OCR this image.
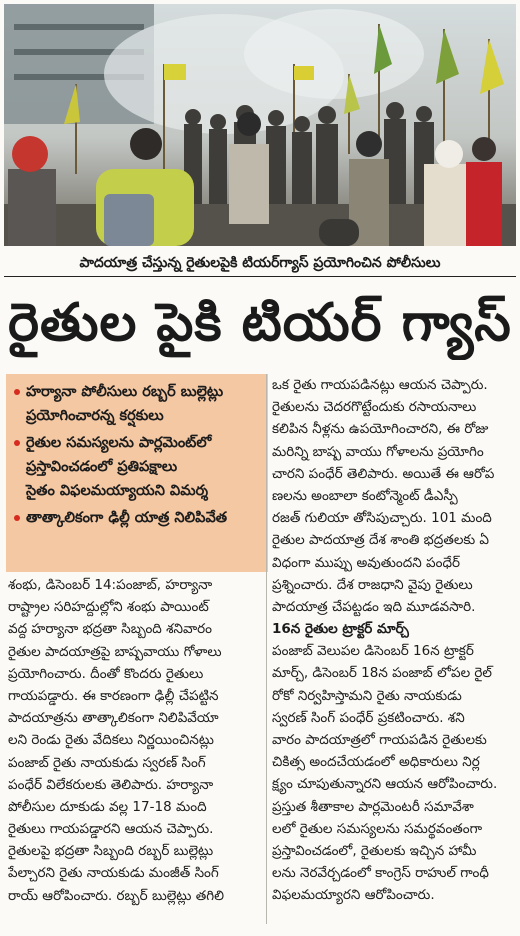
పాదయాత్ర చేస్తున్న రైతులపైకి టియర్‌గ్యాస్ ప్రయోగించిన పోలీసులు
రైతుల పైకి టియర్ గ్యాస్
హర్యానా పోలీసులు రబ్బర్ బుల్లెట్లు
ప్రయోగించారన్న కర్షకులు
రైతుల సమస్యలను పార్లమెంట్‌లో
ప్రస్తావించడంలో ప్రతిపక్షాలు
సైతం విఫలమయ్యాయని విమర్శ
తాత్కాలికంగా ఢిల్లీ యాత్ర నిలిపివేత
శంభు, డిసెంబర్ 14:పంజాబ్, హర్యానా
రాష్ట్రాల సరిహద్దుల్లోని శంభు పాయింట్
వద్ద హర్యానా భద్రతా సిబ్బంది శనివారం
రైతుల పాదయాత్రపై బాష్పవాయు గోళాలు
ప్రయోగించారు. దీంతో కొందరు రైతులు
గాయపడ్డారు. ఈ కారణంగా ఢిల్లీ చేపట్టిన
పాదయాత్రను తాత్కాలికంగా నిలిపివేయా
లని రెండు రైతు వేదికలు నిర్ణయించినట్లు
పంజాబ్ రైతు నాయకుడు స్వరణ్ సింగ్
పంధేర్ విలేకరులకు తెలిపారు. హర్యానా
పోలీసుల దూకుడు వల్ల 17-18 మంది
రైతులు గాయపడ్డారని ఆయన చెప్పారు.
రైతులపై భద్రతా సిబ్బంది రబ్బర్ బుల్లెట్లు
పేల్చారని రైతు నాయకుడు మంజీత్ సింగ్
రాయ్ ఆరోపించారు. రబ్బర్ బుల్లెట్లు తగిలి
ఒక రైతు గాయపడినట్లు ఆయన చెప్పారు.
రైతులను చెదరగొట్టేందుకు రసాయనాలు
కలిపిన నీళ్లను ఉపయోగించారని, ఈ రోజు
మరిన్ని బాష్ప వాయు గోళాలను ప్రయోగిం
చారని పంధేర్ తెలిపారు. అయితే ఈ ఆరోప
ణలను అంబాలా కంటోన్మెంట్ డీఎస్పీ
రజత్ గులియా తోసిపుచ్చారు. 101 మంది
రైతుల పాదయాత్ర దేశ శాంతి భద్రతలకు ఏ
విధంగా ముప్పు అవుతుందని పంధేర్
ప్రశ్నించారు. దేశ రాజధాని వైపు రైతులు
పాదయాత్ర చేపట్టడం ఇది మూడవసారి.
16న రైతుల ట్రాక్టర్ మార్చ్
పంజాబ్ వెలుపల డిసెంబర్ 16న ట్రాక్టర్
మార్చ్, డిసెంబర్ 18న పంజాబ్ లోపల రైల్
రోకో నిర్వహిస్తామని రైతు నాయకుడు
స్వరణ్ సింగ్ పంధేర్ ప్రకటించారు. శని
వారం పాదయాత్రలో గాయపడిన రైతులకు
చికిత్స అందచేయడంలో అధికారులు నిర్ల
క్ష్యం చూపుతున్నారని ఆయన ఆరోపించారు.
ప్రస్తుత శీతాకాల పార్లమెంటరీ సమావేశా
లలో రైతుల సమస్యలను సమర్థవంతంగా
ప్రస్తావించడంలో, రైతులకు ఇచ్చిన హామీ
లను నెరవేర్చడంలో కాంగ్రెస్ రాహుల్ గాంధీ
విఫలమయ్యారని ఆరోపించారు.
